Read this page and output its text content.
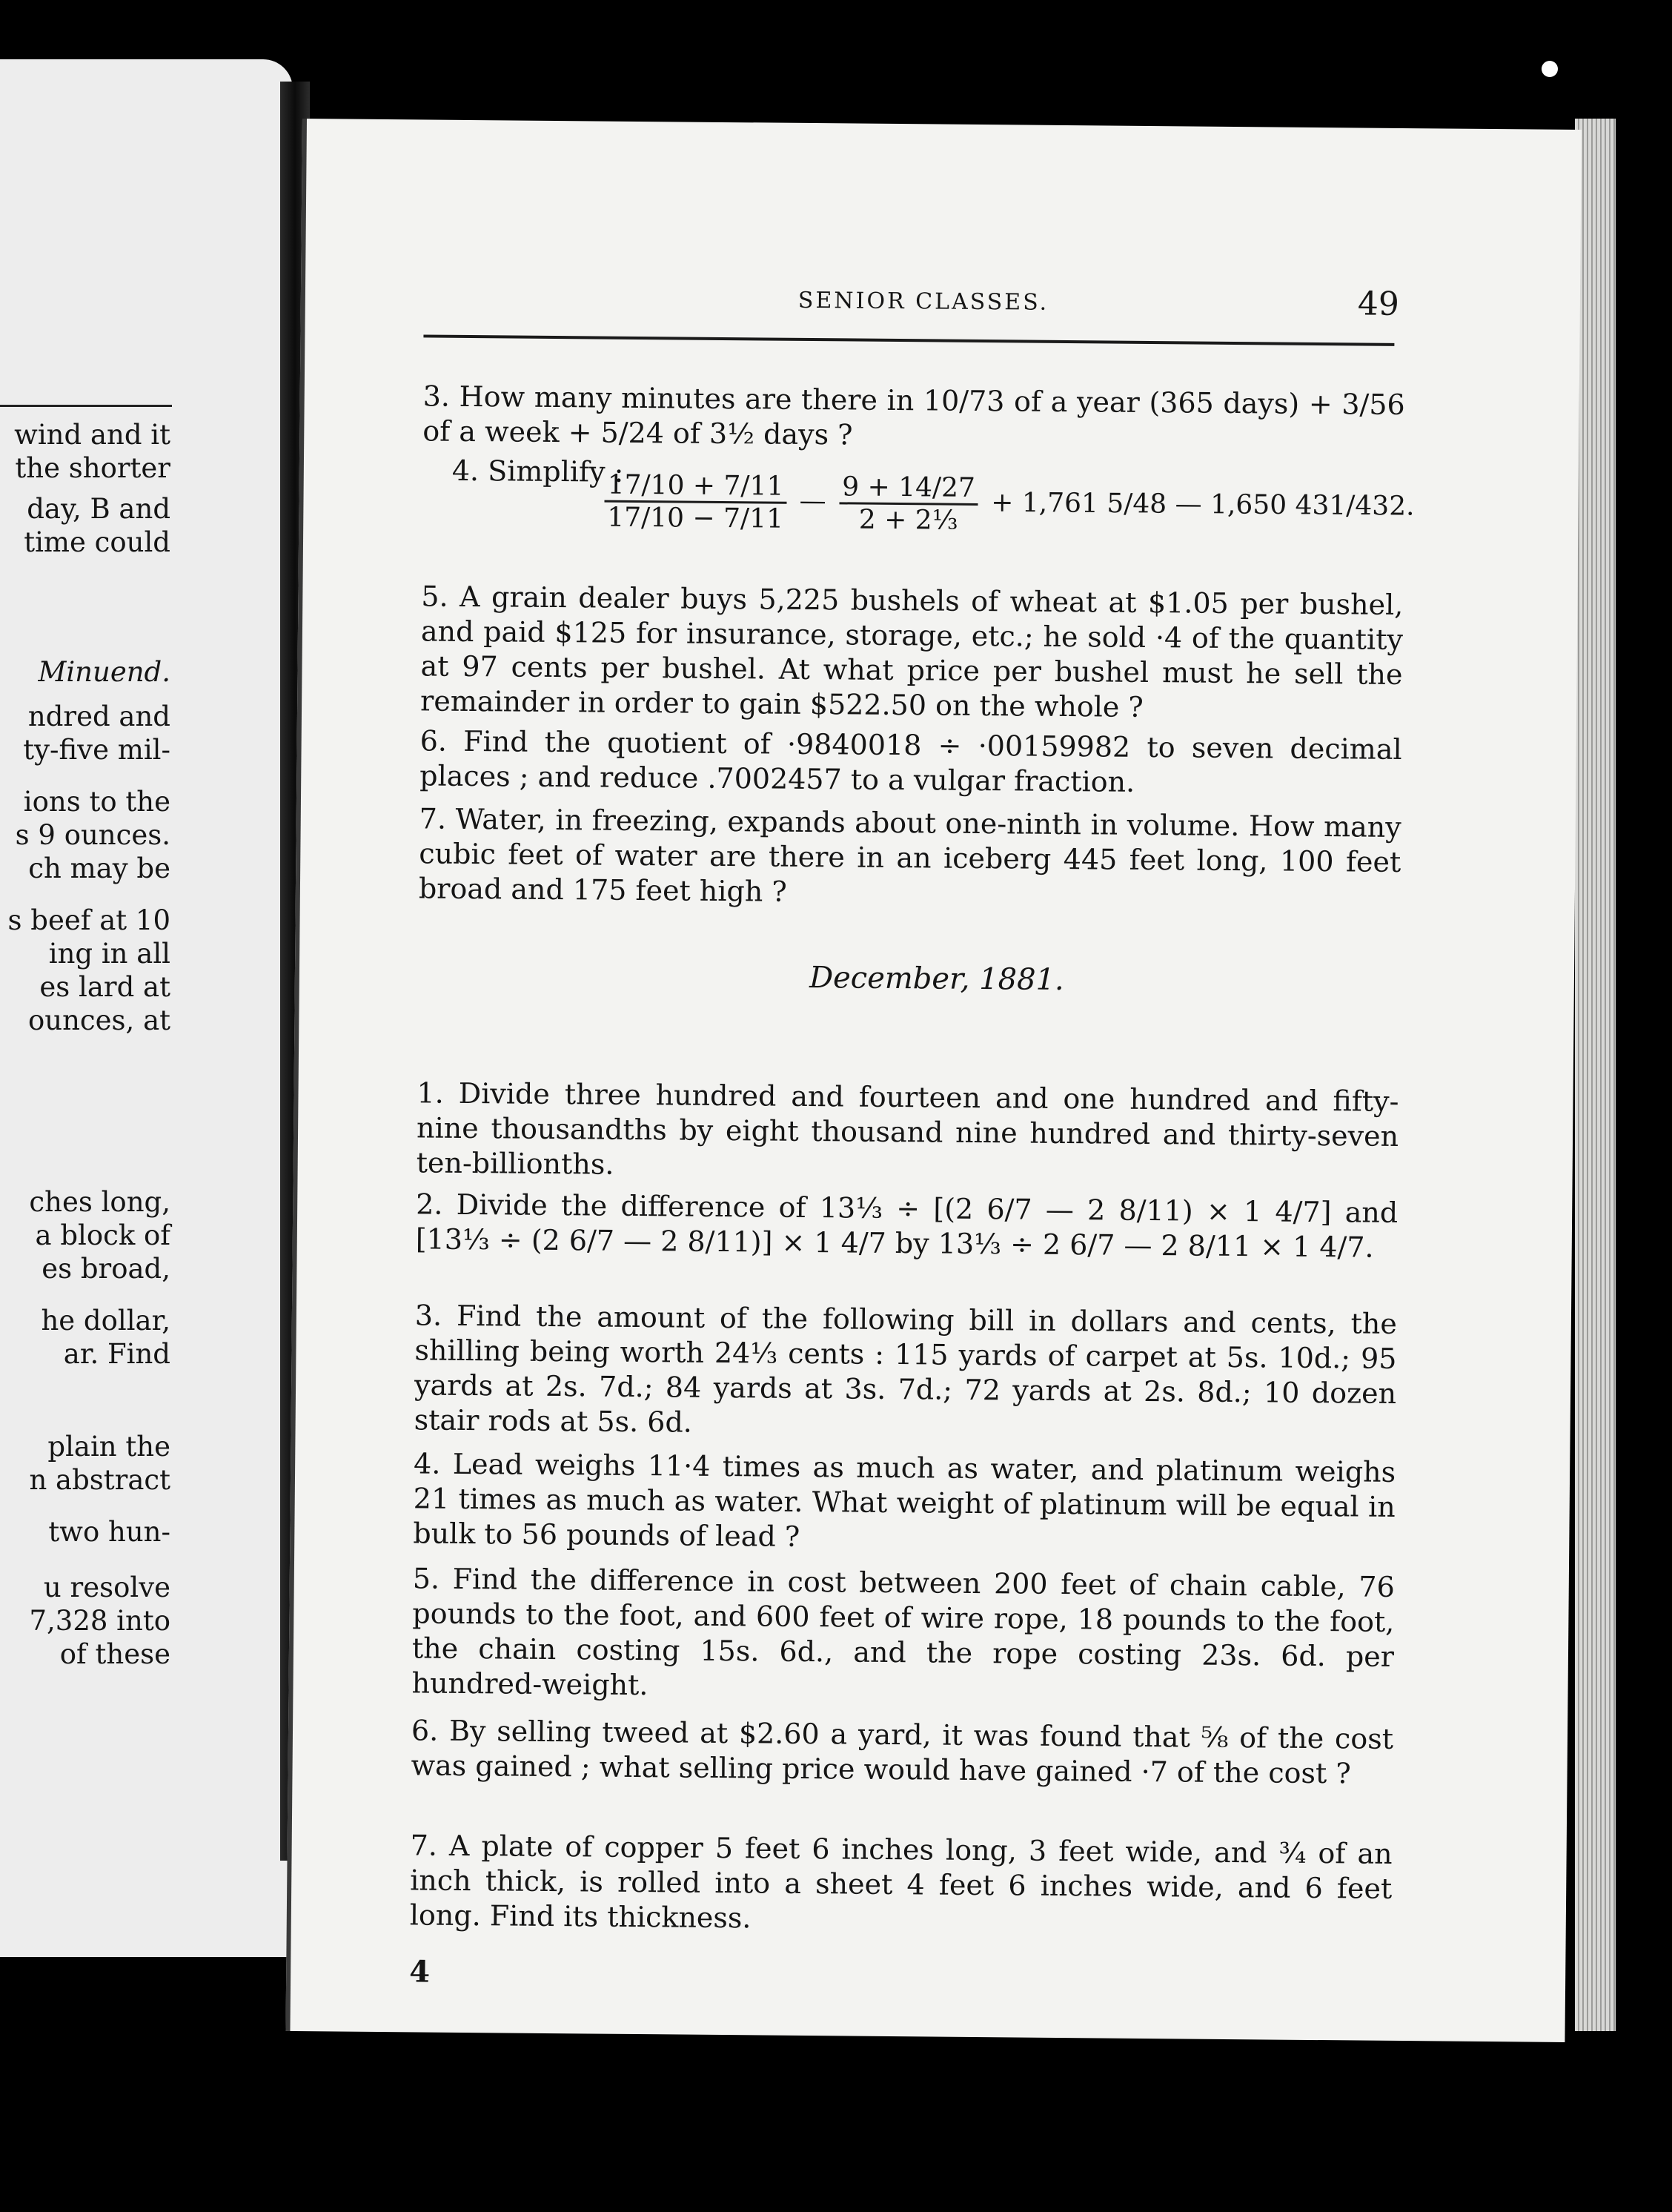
wind and it
the shorter
day, B and
time could
Minuend.
ndred and
ty-five mil-
ions to the
s 9 ounces.
ch may be
s beef at 10
ing in all
es lard at
ounces, at
ches long,
a block of
es broad,
he dollar,
ar. Find
plain the
n abstract
two hun-
u resolve
7,328 into
of these
SENIOR CLASSES.	49
3. How many minutes are there in 10/73 of a year (365 days) + 3/56 of a week + 5/24 of 3½ days ?
4. Simplify :
$\frac{17/10 + 7/11}{17/10 - 7/11}$ — $\frac{9 + 14/27}{\text{2 + 2⅓}} + 1,761$ 5/48 — 1,650 431/432.
5. A grain dealer buys 5,225 bushels of wheat at $1.05 per bushel, and paid $125 for insurance, storage, etc.; he sold ·4 of the quantity at 97 cents per bushel. At what price per bushel must he sell the remainder in order to gain $522.50 on the whole ?
6. Find the quotient of ·9840018 ÷ ·00159982 to seven decimal places ; and reduce .7002457 to a vulgar fraction.
7. Water, in freezing, expands about one-ninth in volume. How many cubic feet of water are there in an iceberg 445 feet long, 100 feet broad and 175 feet high ?
December, 1881.
1. Divide three hundred and fourteen and one hundred and fifty-nine thousandths by eight thousand nine hundred and thirty-seven ten-billionths.
2. Divide the difference of 13⅓ ÷ [(2 6/7 — 2 8/11) × 1 4/7] and [13⅓ ÷ (2 6/7 — 2 8/11)] × 1 4/7 by 13⅓ ÷ 2 6/7 — 2 8/11 × 1 4/7.
3. Find the amount of the following bill in dollars and cents, the shilling being worth 24⅓ cents : 115 yards of carpet at 5s. 10d.; 95 yards at 2s. 7d.; 84 yards at 3s. 7d.; 72 yards at 2s. 8d.; 10 dozen stair rods at 5s. 6d.
4. Lead weighs 11·4 times as much as water, and platinum weighs 21 times as much as water. What weight of platinum will be equal in bulk to 56 pounds of lead ?
5. Find the difference in cost between 200 feet of chain cable, 76 pounds to the foot, and 600 feet of wire rope, 18 pounds to the foot, the chain costing 15s. 6d., and the rope costing 23s. 6d. per hundred-weight.
6. By selling tweed at $2.60 a yard, it was found that ⅝ of the cost was gained ; what selling price would have gained ·7 of the cost ?
7. A plate of copper 5 feet 6 inches long, 3 feet wide, and ¾ of an inch thick, is rolled into a sheet 4 feet 6 inches wide, and 6 feet long. Find its thickness.
4
